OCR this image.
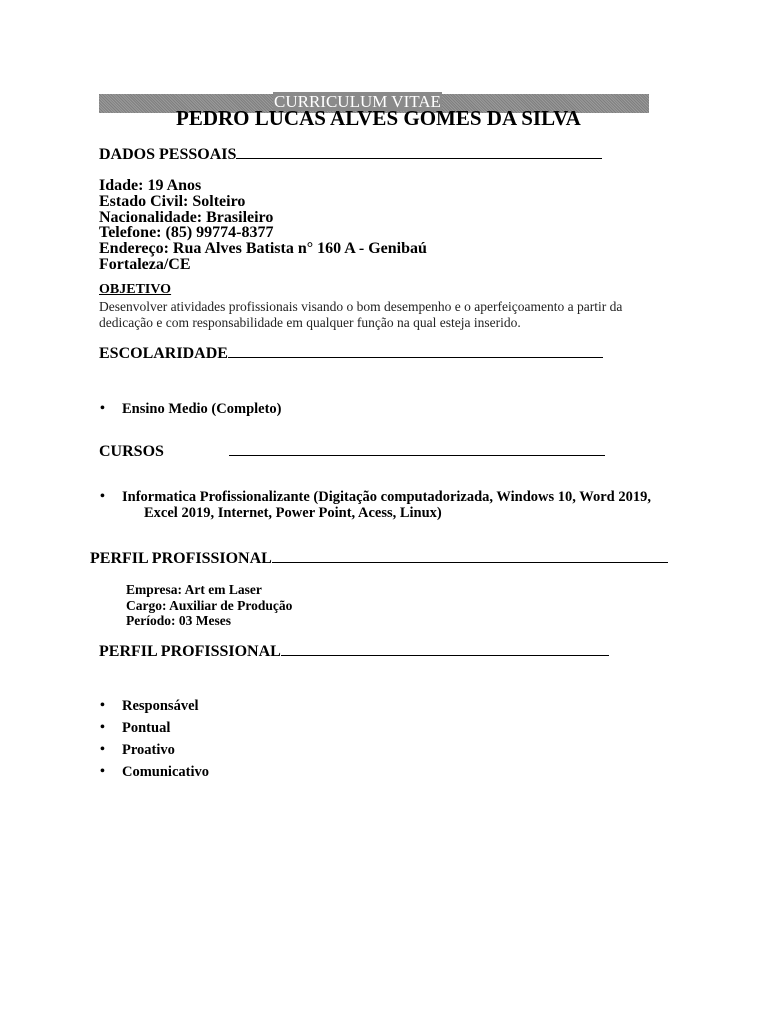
CURRICULUM VITAE
PEDRO LUCAS ALVES GOMES DA SILVA
DADOS PESSOAIS
Idade: 19 Anos
Estado Civil: Solteiro
Nacionalidade: Brasileiro
Telefone: (85) 99774-8377
Endereço: Rua Alves Batista n° 160 A - Genibaú
Fortaleza/CE
OBJETIVO
Desenvolver atividades profissionais visando o bom desempenho e o aperfeiçoamento a partir da dedicação e com responsabilidade em qualquer função na qual esteja inserido.
ESCOLARIDADE
• Ensino Medio (Completo)
CURSOS
• Informatica Profissionalizante (Digitação computadorizada, Windows 10, Word 2019,
Excel 2019, Internet, Power Point, Acess, Linux)
PERFIL PROFISSIONAL
Empresa: Art em Laser
Cargo: Auxiliar de Produção
Período: 03 Meses
PERFIL PROFISSIONAL
• Responsável
• Pontual
• Proativo
• Comunicativo
